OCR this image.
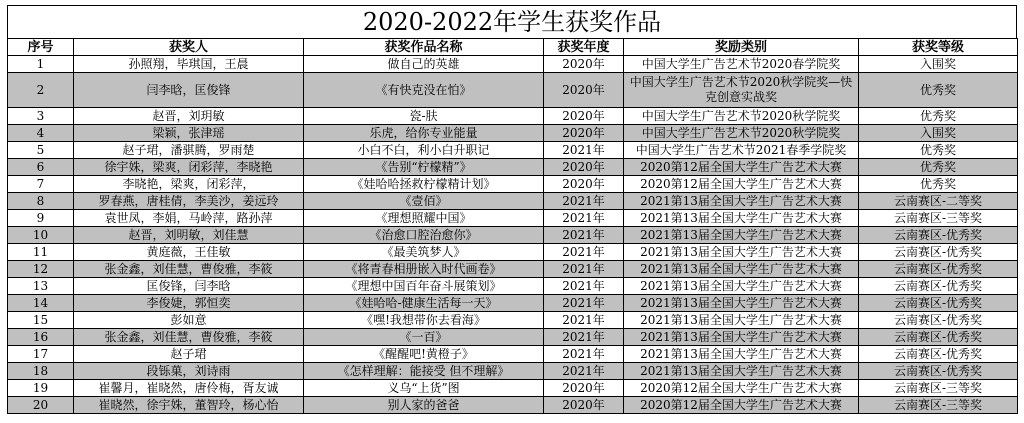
2020-2022年学生获奖作品
序号	获奖人	获奖作品名称	获奖年度	奖励类别	获奖等级
1	孙照翔，毕琪国，王晨	做自己的英雄	2020年	中国大学生广告艺术节2020春学院奖	入围奖
2	闫李晗，匡俊锋	《有快克没在怕》	2020年	中国大学生广告艺术节2020秋学院奖—快克创意实战奖	优秀奖
3	赵晋，刘玥敏	瓷-肤	2020年	中国大学生广告艺术节2020秋学院奖	优秀奖
4	梁颖，张津瑶	乐虎，给你专业能量	2020年	中国大学生广告艺术节2020秋学院奖	入围奖
5	赵子珺，潘骐腾，罗雨楚	小白不白，利小白升职记	2021年	中国大学生广告艺术节2021春季学院奖	优秀奖
6	徐宇姝，梁爽，闭彩萍，李晓艳	《告别“柠檬精”》	2020年	2020第12届全国大学生广告艺术大赛	优秀奖
7	李晓艳，梁爽，闭彩萍，	《娃哈哈拯救柠檬精计划》	2020年	2020第12届全国大学生广告艺术大赛	优秀奖
8	罗春燕，唐桂倩，李美沙，姜远玲	《壹佰》	2021年	2021第13届全国大学生广告艺术大赛	云南赛区-二等奖
9	袁世凤，李娟，马岭萍，路孙萍	《理想照耀中国》	2021年	2021第13届全国大学生广告艺术大赛	云南赛区-三等奖
10	赵晋，刘明敏，刘佳慧	《治愈口腔治愈你》	2021年	2021第13届全国大学生广告艺术大赛	云南赛区-优秀奖
11	黄庭薇，王佳敏	《最美筑梦人》	2021年	2021第13届全国大学生广告艺术大赛	云南赛区-优秀奖
12	张金鑫，刘佳慧，曹俊雅，李筱	《将青春相册嵌入时代画卷》	2021年	2021第13届全国大学生广告艺术大赛	云南赛区-优秀奖
13	匡俊锋，闫李晗	《理想中国百年奋斗展策划》	2021年	2021第13届全国大学生广告艺术大赛	云南赛区-优秀奖
14	李俊婕，郭恒奕	《娃哈哈-健康生活每一天》	2021年	2021第13届全国大学生广告艺术大赛	云南赛区-优秀奖
15	彭如意	《嘿!我想带你去看海》	2021年	2021第13届全国大学生广告艺术大赛	云南赛区-优秀奖
16	张金鑫，刘佳慧，曹俊雅，李筱	《一百》	2021年	2021第13届全国大学生广告艺术大赛	云南赛区-优秀奖
17	赵子珺	《醒醒吧!黄橙子》	2021年	2021第13届全国大学生广告艺术大赛	云南赛区-优秀奖
18	段铄菓，刘诗雨	《怎样理解：能接受 但不理解》	2021年	2021第13届全国大学生广告艺术大赛	云南赛区-优秀奖
19	崔馨月，崔晓然，唐伶梅，胥友诚	义乌“上货”图	2020年	2020第12届全国大学生广告艺术大赛	云南赛区-三等奖
20	崔晓然，徐宇姝，董智玲，杨心怡	别人家的爸爸	2020年	2020第12届全国大学生广告艺术大赛	云南赛区-三等奖
